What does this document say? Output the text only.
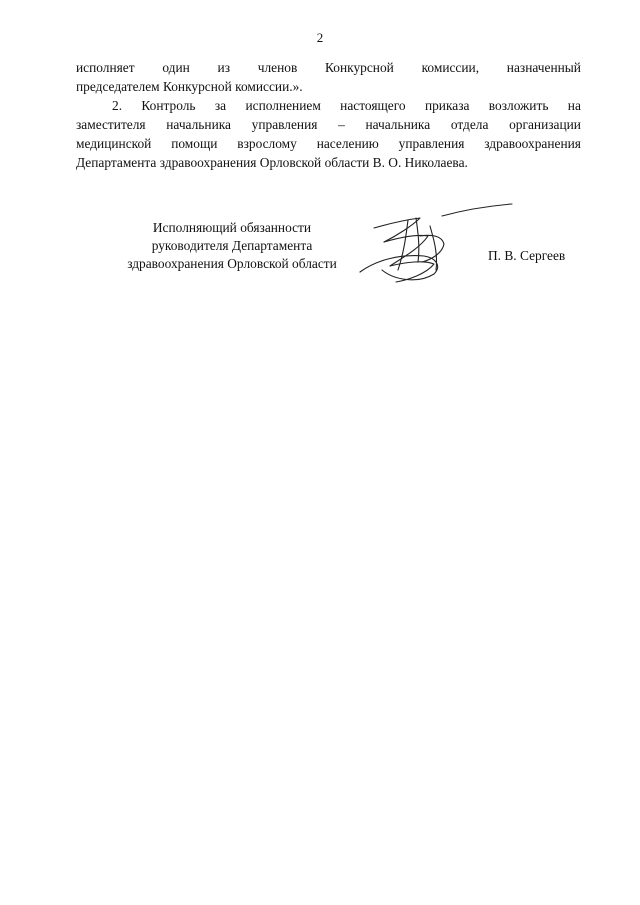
2
исполняет один из членов Конкурсной комиссии, назначенный
председателем Конкурсной комиссии.».
2. Контроль за исполнением настоящего приказа возложить на
заместителя начальника управления – начальника отдела организации
медицинской помощи взрослому населению управления здравоохранения
Департамента здравоохранения Орловской области В. О. Николаева.
Исполняющий обязанности
руководителя Департамента
здравоохранения Орловской области
П. В. Сергеев
